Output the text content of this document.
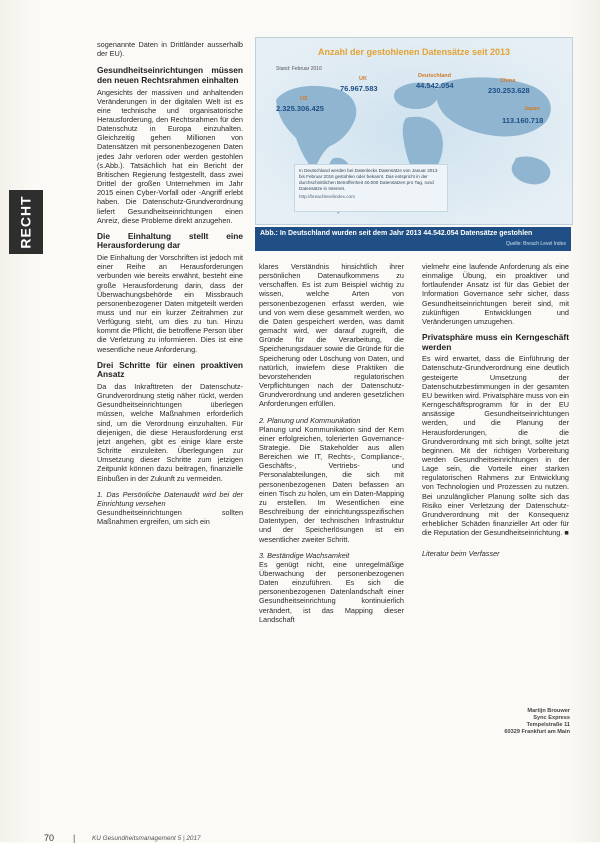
RECHT

sogenannte Daten in Drittländer ausserhalb der EU).

Gesundheitseinrichtungen müssen den neuen Rechtsrahmen einhalten

Angesichts der massiven und anhaltenden Veränderungen in der digitalen Welt ist es eine technische und organisatorische Herausforderung, den Rechtsrahmen für den Datenschutz in Europa einzuhalten. Gleichzeitig gehen Millionen von Datensätzen mit personenbezogenen Daten jedes Jahr verloren oder werden gestohlen (s.Abb.). Tatsächlich hat ein Bericht der Britischen Regierung festgestellt, dass zwei Drittel der großen Unternehmen im Jahr 2015 einen Cyber-Vorfall oder -Angriff erlebt haben. Die Datenschutz-Grundverordnung liefert Gesundheitseinrichtungen einen Anreiz, diese Probleme direkt anzugehen.

Die Einhaltung stellt eine Herausforderung dar

Die Einhaltung der Vorschriften ist jedoch mit einer Reihe an Herausforderungen verbunden wie bereits erwähnt, besteht eine große Herausforderung darin, dass der Überwachungsbehörde ein Missbrauch personenbezogener Daten mitgeteilt werden muss und nur ein kurzer Zeitrahmen zur Verfügung steht, um dies zu tun. Hinzu kommt die Pflicht, die betroffene Person über die Verletzung zu informieren. Dies ist eine wesentliche neue Anforderung.

Drei Schritte für einen proaktiven Ansatz

Da das Inkrafttreten der Datenschutz-Grundverordnung stetig näher rückt, werden Gesundheitseinrichtungen überlegen müssen, welche Maßnahmen erforderlich sind, um die Verordnung einzuhalten. Für diejenigen, die diese Herausforderung erst jetzt angehen, gibt es einige klare erste Schritte einzuleiten. Überlegungen zur Umsetzung dieser Schritte zum jetzigen Zeitpunkt können dazu beitragen, finanzielle Einbußen in der Zukunft zu vermeiden.

1. Das Persönliche Datenaudit wird bei der Einrichtung versehen

Gesundheitseinrichtungen sollten Maßnahmen ergreifen, um sich ein

Anzahl der gestohlenen Datensätze seit 2013
Stand: Februar 2016
US
2.325.306.425
UK
76.967.583
Deutschland
44.542.054	China
230.253.628
Japan
113.160.718
In Deutschland werden bei Datenlecks Datensätze von Januar 2013 bis Februar 2016 gestohlen oder bekannt. Das entspricht in der durchschnittlichen Betroffenheit 40.000 Datensätzen pro Tag, rund Datensätze in Internet.
http://breachlevelindex.com
Abb.: In Deutschland wurden seit dem Jahr 2013 44.542.054 Datensätze gestohlen
Quelle: Breach Level Index

klares Verständnis hinsichtlich ihrer persönlichen Datenaufkommens zu verschaffen. Es ist zum Beispiel wichtig zu wissen, welche Arten von personenbezogenen erfasst werden, wie und von wem diese gesammelt werden, wo die Daten gespeichert werden, was damit gemacht wird, wer darauf zugreift, die Gründe für die Verarbeitung, die Speicherungsdauer sowie die Gründe für die Speicherung oder Löschung von Daten, und natürlich, inwiefern diese Praktiken die bevorstehenden regulatorischen Verpflichtungen nach der Datenschutz-Grundverordnung und anderen gesetzlichen Anforderungen erfüllen.

2. Planung und Kommunikation

Planung und Kommunikation sind der Kern einer erfolgreichen, tolerierten Governance-Strategie. Die Stakeholder aus allen Bereichen wie IT, Rechts-, Compliance-, Geschäfts-, Vertriebs- und Personalabteilungen, die sich mit personenbezogenen Daten befassen an einen Tisch zu holen, um ein Daten-Mapping zu erstellen. Im Wesentlichen eine Beschreibung der einrichtungsspezifischen Datentypen, der technischen Infrastruktur und der Speicherlösungen ist ein wesentlicher zweiter Schritt.

3. Beständige Wachsamkeit

Es genügt nicht, eine unregelmäßige Überwachung der personenbezogenen Daten einzuführen. Es sich die personenbezogenen Datenlandschaft einer Gesundheitseinrichtung kontinuierlich verändert, ist das Mapping dieser Landschaft

vielmehr eine laufende Anforderung als eine einmalige Übung, ein proaktiver und fortlaufender Ansatz ist für das Gebiet der Information Governance sehr sicher, dass Gesundheitseinrichtungen bereit sind, mit zukünftigen Entwicklungen und Veränderungen umzugehen.

Privatsphäre muss ein Kerngeschäft werden

Es wird erwartet, dass die Einführung der Datenschutz-Grundverordnung eine deutlich gesteigerte Umsetzung der Datenschutzbestimmungen in der gesamten EU bewirken wird. Privatsphäre muss von ein Kerngeschäftsprogramm für in der EU ansässige Gesundheitseinrichtungen werden, und die Planung der Herausforderungen, die die Grundverordnung mit sich bringt, sollte jetzt beginnen. Mit der richtigen Vorbereitung werden Gesundheitseinrichtungen in der Lage sein, die Vorteile einer starken regulatorischen Rahmens zur Entwicklung von Technologien und Prozessen zu nutzen. Bei unzulänglicher Planung sollte sich das Risiko einer Verletzung der Datenschutz-Grundverordnung mit der Konsequenz erheblicher Schäden finanzieller Art oder für die Reputation der Gesundheitseinrichtung. ■

Literatur beim Verfasser

Martijn Brouwer
Sync Express
Tempelstraße 11
60329 Frankfurt am Main
70 |	KU Gesundheitsmanagement 5 | 2017
